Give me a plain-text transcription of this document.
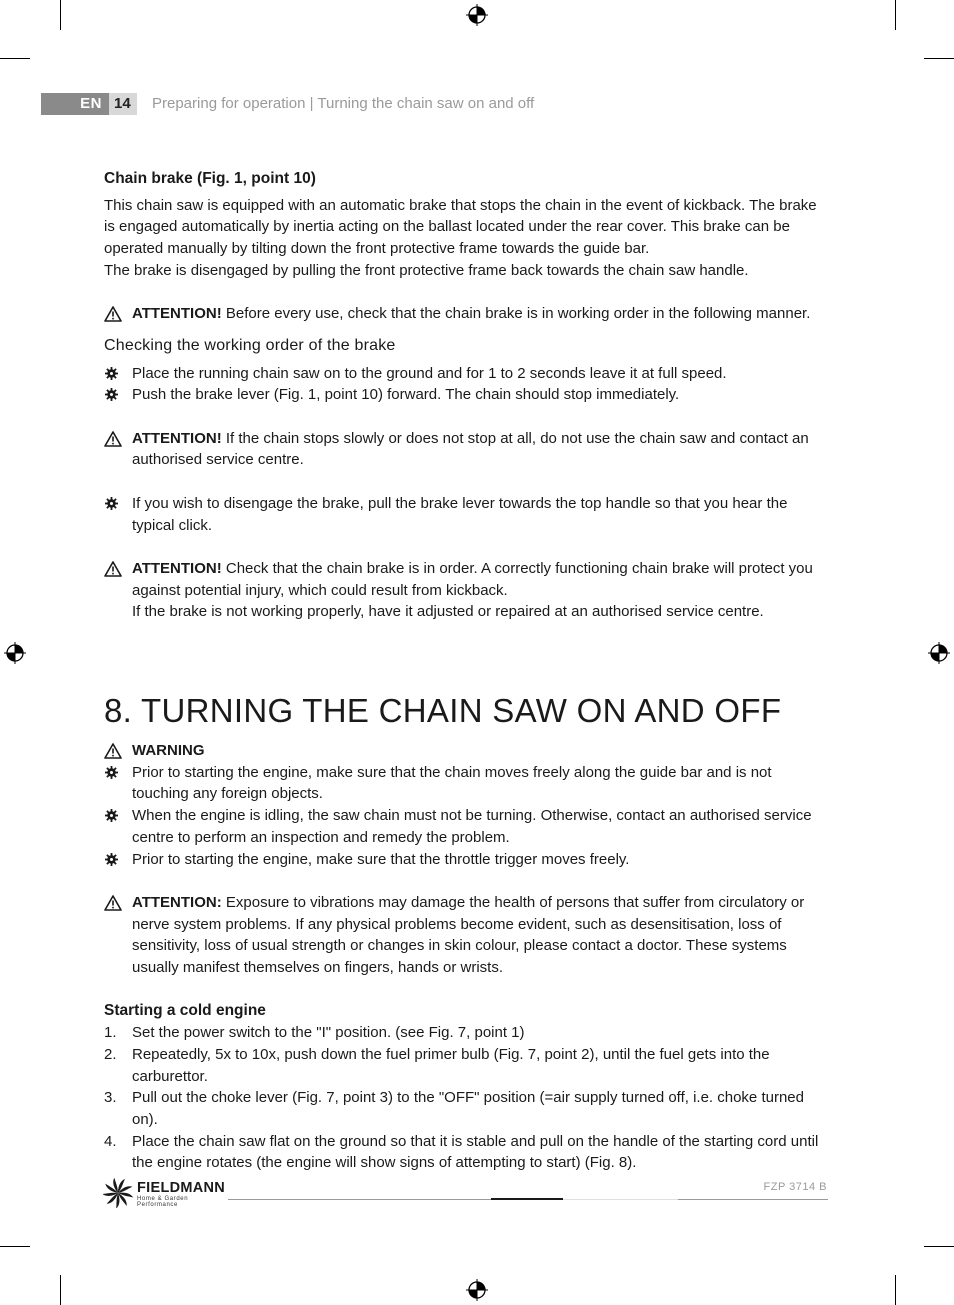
EN 14 Preparing for operation | Turning the chain saw on and off

Chain brake (Fig. 1, point 10)

This chain saw is equipped with an automatic brake that stops the chain in the event of kickback. The brake is engaged automatically by inertia acting on the ballast located under the rear cover. This brake can be operated manually by tilting down the front protective frame towards the guide bar.

The brake is disengaged by pulling the front protective frame back towards the chain saw handle.

ATTENTION! Before every use, check that the chain brake is in working order in the following manner.

Checking the working order of the brake

Place the running chain saw on to the ground and for 1 to 2 seconds leave it at full speed.
Push the brake lever (Fig. 1, point 10) forward. The chain should stop immediately.
ATTENTION! If the chain stops slowly or does not stop at all, do not use the chain saw and contact an authorised service centre.
If you wish to disengage the brake, pull the brake lever towards the top handle so that you hear the typical click.
ATTENTION! Check that the chain brake is in order. A correctly functioning chain brake will protect you against potential injury, which could result from kickback.
If the brake is not working properly, have it adjusted or repaired at an authorised service centre.
8. TURNING THE CHAIN SAW ON AND OFF
WARNING
Prior to starting the engine, make sure that the chain moves freely along the guide bar and is not touching any foreign objects.
When the engine is idling, the saw chain must not be turning. Otherwise, contact an authorised service centre to perform an inspection and remedy the problem.
Prior to starting the engine, make sure that the throttle trigger moves freely.
ATTENTION: Exposure to vibrations may damage the health of persons that suffer from circulatory or nerve system problems. If any physical problems become evident, such as desensitisation, loss of sensitivity, loss of usual strength or changes in skin colour, please contact a doctor. These systems usually manifest themselves on fingers, hands or wrists.

Starting a cold engine

1. Set the power switch to the "I" position. (see Fig. 7, point 1)
2. Repeatedly, 5x to 10x, push down the fuel primer bulb (Fig. 7, point 2), until the fuel gets into the carburettor.
3. Pull out the choke lever (Fig. 7, point 3) to the "OFF" position (=air supply turned off, i.e. choke turned on).
4. Place the chain saw flat on the ground so that it is stable and pull on the handle of the starting cord until the engine rotates (the engine will show signs of attempting to start) (Fig. 8).
FIELDMANN
Home & Garden Performance
FZP 3714 B
